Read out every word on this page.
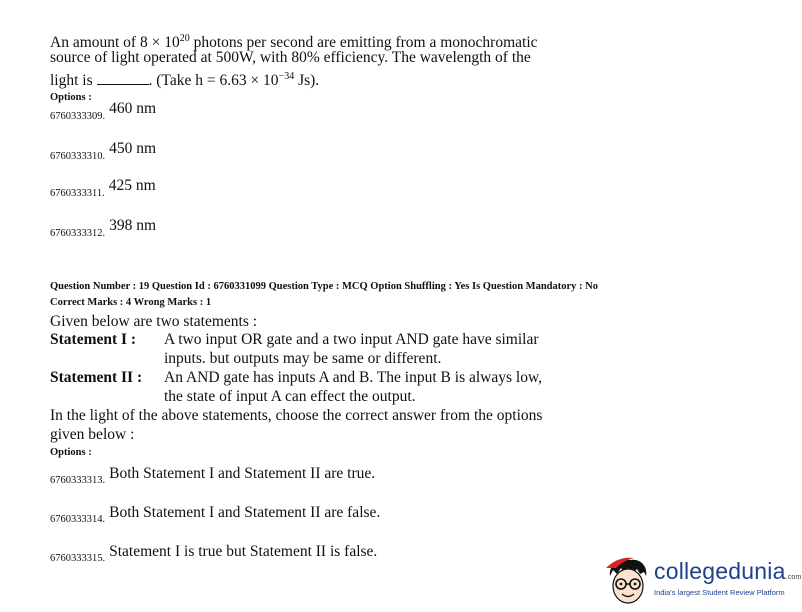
An amount of $8 \times 10^{20}$ photons per second are emitting from a monochromatic
source of light operated at 500W, with 80% efficiency. The wavelength of the
light is	. (Take $h = 6.63 \times 10^{-34}$ Js).
Options :
6760333309. 460 nm
6760333310. 450 nm
6760333311. 425 nm
6760333312. 398 nm
Question Number : 19 Question Id : 6760331099 Question Type : MCQ Option Shuffling : Yes Is Question Mandatory : No
Correct Marks : 4 Wrong Marks : 1
Given below are two statements :
Statement I : A two input OR gate and a two input AND gate have similar
inputs. but outputs may be same or different.
Statement II : An AND gate has inputs A and B. The input B is always low,
the state of input A can effect the output.
In the light of the above statements, choose the correct answer from the options
given below :
Options :
6760333313. Both Statement I and Statement II are true.
6760333314. Both Statement I and Statement II are false.
6760333315. Statement I is true but Statement II is false.
collegedunia.com
India's largest Student Review Platform
